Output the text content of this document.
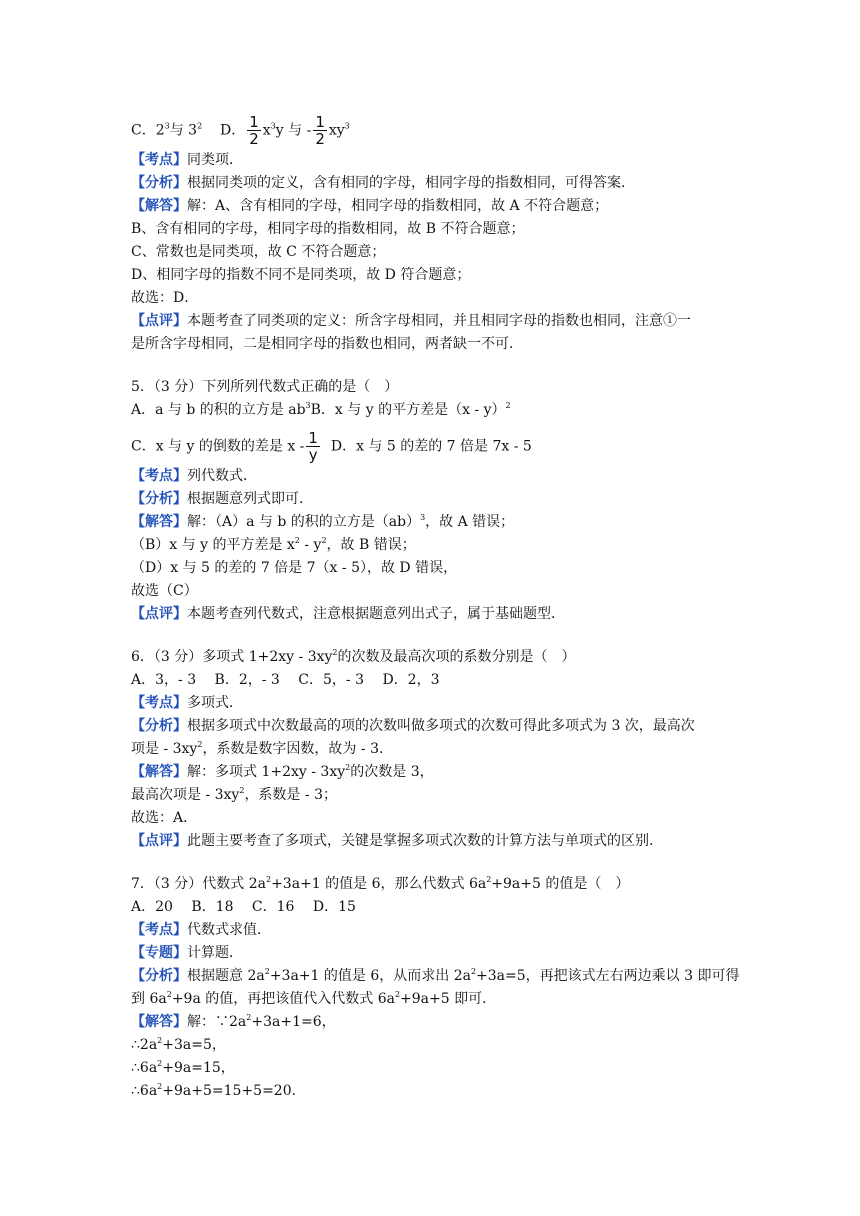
C．$2^3$与 $3^2$ D． $\frac{1}{2} x^3y$ 与 - $\frac{1}{2} xy^3$
【考点】同类项．
【分析】根据同类项的定义，含有相同的字母，相同字母的指数相同，可得答案．
【解答】解：A、含有相同的字母，相同字母的指数相同，故 A 不符合题意；
B、含有相同的字母，相同字母的指数相同，故 B 不符合题意；
C、常数也是同类项，故 C 不符合题意；
D、相同字母的指数不同不是同类项，故 D 符合题意；
故选：D．
【点评】本题考查了同类项的定义：所含字母相同，并且相同字母的指数也相同，注意①一
是所含字母相同，二是相同字母的指数也相同，两者缺一不可．
5．（3 分）下列所列代数式正确的是（　）
A．a 与 b 的积的立方是 $ab^3B$．x 与 y 的平方差是（x - y）$^2$
C．x 与 y 的倒数的差是 x - $\frac{1}{y}$ D．x 与 5 的差的 7 倍是 7x - 5
【考点】列代数式．
【分析】根据题意列式即可．
【解答】解：（A）a 与 b 的积的立方是（ab）$^3$，故 A 错误；
（B）x 与 y 的平方差是 $x^2 - y^2$，故 B 错误；
（D）x 与 5 的差的 7 倍是 7（x - 5），故 D 错误，
故选（C）
【点评】本题考查列代数式，注意根据题意列出式子，属于基础题型．
6．（3 分）多项式 $1+2xy - 3xy^2$的次数及最高次项的系数分别是（　）
A．3，- 3　 B．2，- 3　 C．5，- 3　 D．2，3
【考点】多项式．
【分析】根据多项式中次数最高的项的次数叫做多项式的次数可得此多项式为 3 次，最高次
项是 - $3xy^2$，系数是数字因数，故为 - 3．
【解答】解：多项式 $1+2xy - 3xy^2$的次数是 3，
最高次项是 - $3xy^2$，系数是 - 3；
故选：A．
【点评】此题主要考查了多项式，关键是掌握多项式次数的计算方法与单项式的区别．
7．（3 分）代数式 $2a^2+3a+1$ 的值是 6，那么代数式 $6a^2+9a+5$ 的值是（　）
A．20　 B．18　 C．16　 D．15
【考点】代数式求值．
【专题】计算题．
【分析】根据题意 $2a^2+3a+1$ 的值是 6，从而求出 $2a^2+3a=5$，再把该式左右两边乘以 3 即可得
到 $6a^2+9a$ 的值，再把该值代入代数式 $6a^2+9a+5$ 即可．
【解答】解：$\because 2a^2+3a+1=6$，
$\therefore 2a^2+3a=5$，
$\therefore 6a^2+9a=15$，
$\therefore 6a^2+9a+5=15+5=20$．
